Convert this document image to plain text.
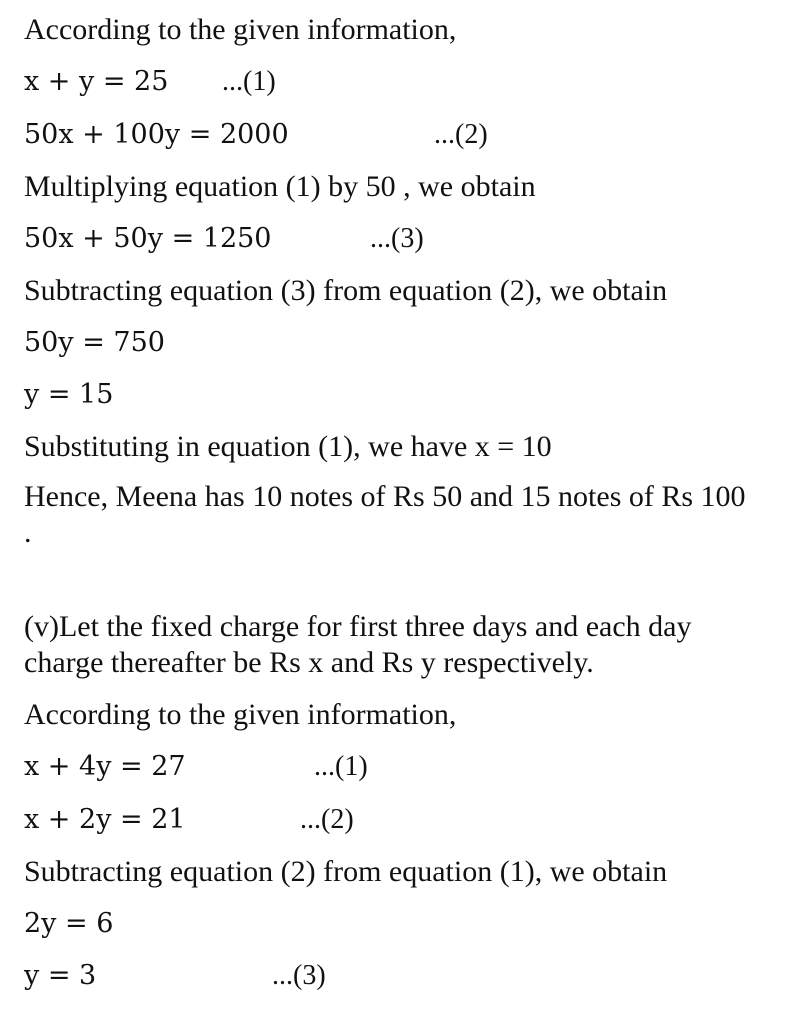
According to the given information,
x + y = 25 ...(1)
50x + 100y = 2000	...(2)
Multiplying equation (1) by 50 , we obtain
50x + 50y = 1250	...(3)
Subtracting equation (3) from equation (2), we obtain
50y = 750
y = 15
Substituting in equation (1), we have x = 10
Hence, Meena has 10 notes of Rs 50 and 15 notes of Rs 100 .
(v)Let the fixed charge for first three days and each day charge thereafter be Rs x and Rs y respectively.
According to the given information,
x + 4y = 27	...(1)
x + 2y = 21	...(2)
Subtracting equation (2) from equation (1), we obtain
2y = 6
y = 3	...(3)
